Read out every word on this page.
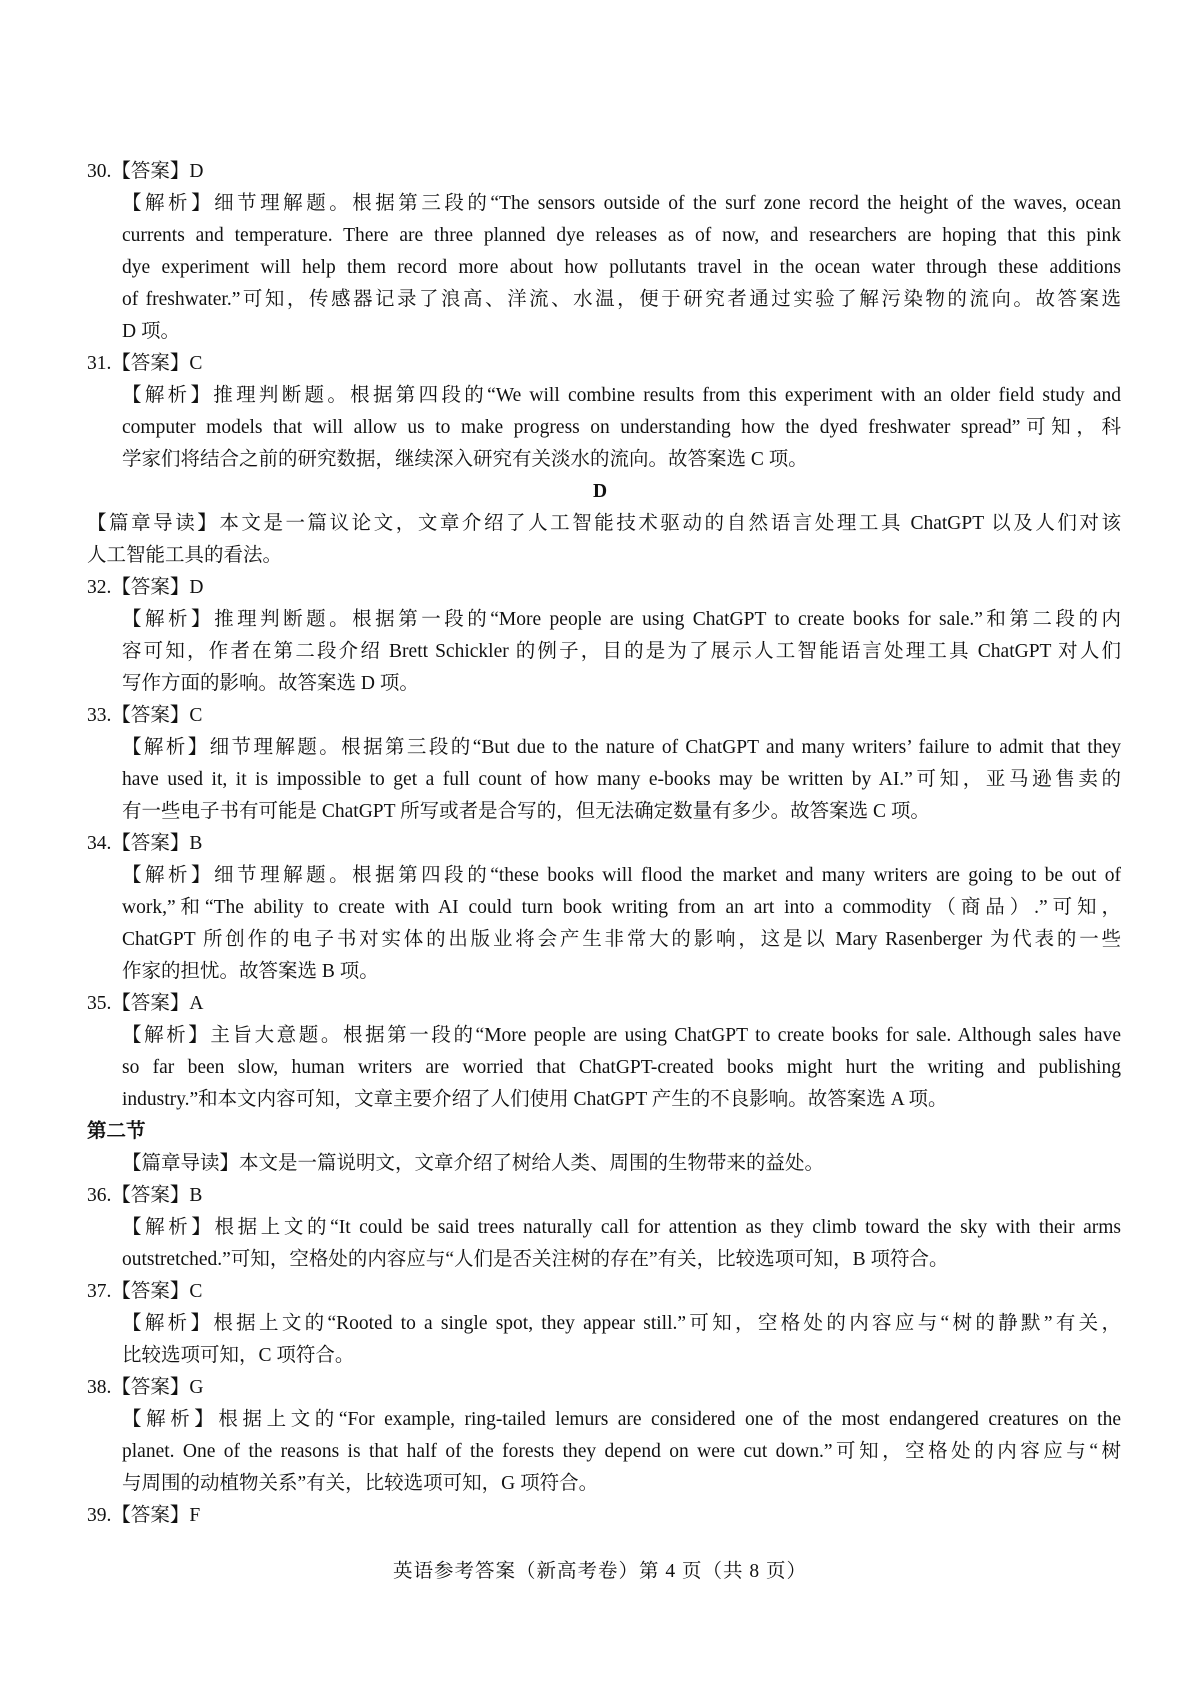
30.【答案】D
【解析】细节理解题。根据第三段的“The sensors outside of the surf zone record the height of the waves, ocean
currents and temperature. There are three planned dye releases as of now, and researchers are hoping that this pink
dye experiment will help them record more about how pollutants travel in the ocean water through these additions
of freshwater.”可知，传感器记录了浪高、洋流、水温，便于研究者通过实验了解污染物的流向。故答案选
D 项。
31.【答案】C
【解析】推理判断题。根据第四段的“We will combine results from this experiment with an older field study and
computer models that will allow us to make progress on understanding how the dyed freshwater spread”可知，科
学家们将结合之前的研究数据，继续深入研究有关淡水的流向。故答案选 C 项。
D
【篇章导读】本文是一篇议论文，文章介绍了人工智能技术驱动的自然语言处理工具 ChatGPT 以及人们对该
人工智能工具的看法。
32.【答案】D
【解析】推理判断题。根据第一段的“More people are using ChatGPT to create books for sale.”和第二段的内
容可知，作者在第二段介绍 Brett Schickler 的例子，目的是为了展示人工智能语言处理工具 ChatGPT 对人们
写作方面的影响。故答案选 D 项。
33.【答案】C
【解析】细节理解题。根据第三段的“But due to the nature of ChatGPT and many writers’ failure to admit that they
have used it, it is impossible to get a full count of how many e-books may be written by AI.”可知，亚马逊售卖的
有一些电子书有可能是 ChatGPT 所写或者是合写的，但无法确定数量有多少。故答案选 C 项。
34.【答案】B
【解析】细节理解题。根据第四段的“these books will flood the market and many writers are going to be out of
work,”和“The ability to create with AI could turn book writing from an art into a commodity（商品）.”可知，
ChatGPT 所创作的电子书对实体的出版业将会产生非常大的影响，这是以 Mary Rasenberger 为代表的一些
作家的担忧。故答案选 B 项。
35.【答案】A
【解析】主旨大意题。根据第一段的“More people are using ChatGPT to create books for sale. Although sales have
so far been slow, human writers are worried that ChatGPT-created books might hurt the writing and publishing
industry.”和本文内容可知，文章主要介绍了人们使用 ChatGPT 产生的不良影响。故答案选 A 项。
第二节
【篇章导读】本文是一篇说明文，文章介绍了树给人类、周围的生物带来的益处。
36.【答案】B
【解析】根据上文的“It could be said trees naturally call for attention as they climb toward the sky with their arms
outstretched.”可知，空格处的内容应与“人们是否关注树的存在”有关，比较选项可知，B 项符合。
37.【答案】C
【解析】根据上文的“Rooted to a single spot, they appear still.”可知，空格处的内容应与“树的静默”有关，
比较选项可知，C 项符合。
38.【答案】G
【解析】根据上文的“For example, ring-tailed lemurs are considered one of the most endangered creatures on the
planet. One of the reasons is that half of the forests they depend on were cut down.”可知，空格处的内容应与“树
与周围的动植物关系”有关，比较选项可知，G 项符合。
39.【答案】F
英语参考答案（新高考卷）第 4 页（共 8 页）
